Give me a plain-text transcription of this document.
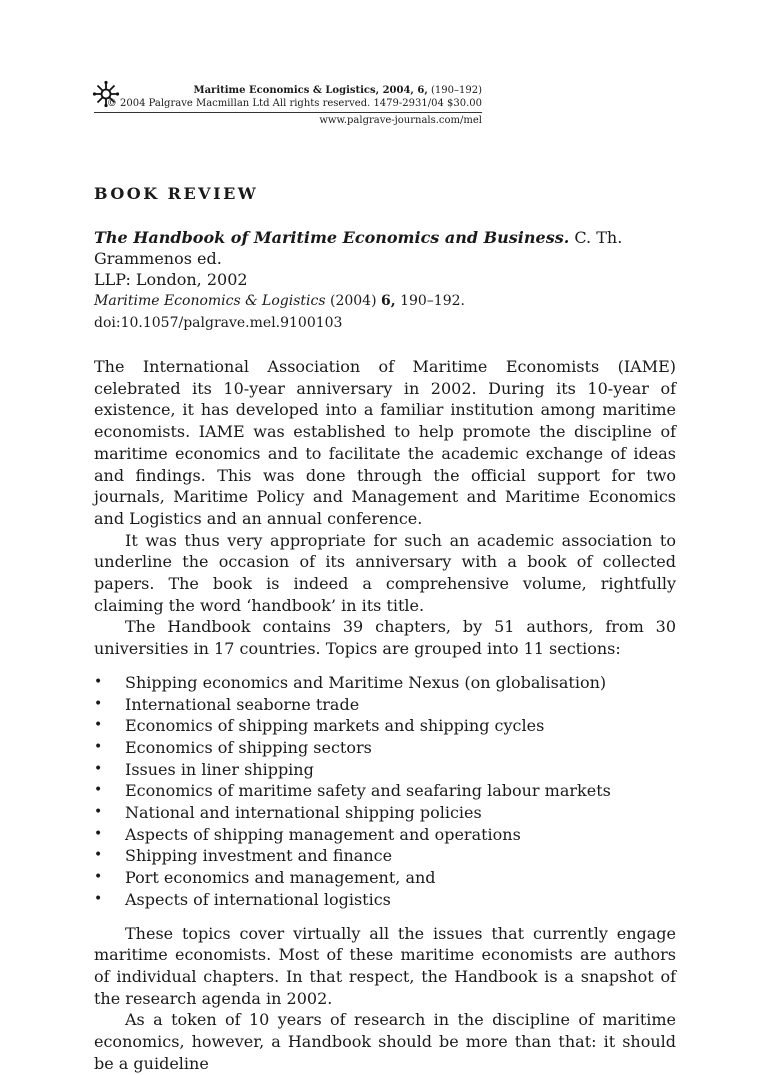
Maritime Economics & Logistics, 2004, 6, (190–192)
© 2004 Palgrave Macmillan Ltd All rights reserved. 1479-2931/04 $30.00
www.palgrave-journals.com/mel
BOOK REVIEW
The Handbook of Maritime Economics and Business. C. Th. Grammenos ed.
LLP: London, 2002
Maritime Economics & Logistics (2004) 6, 190–192.
doi:10.1057/palgrave.mel.9100103

The International Association of Maritime Economists (IAME) celebrated its 10-year anniversary in 2002. During its 10-year of existence, it has developed into a familiar institution among maritime economists. IAME was established to help promote the discipline of maritime economics and to facilitate the academic exchange of ideas and findings. This was done through the official support for two journals, Maritime Policy and Management and Maritime Economics and Logistics and an annual conference.

It was thus very appropriate for such an academic association to underline the occasion of its anniversary with a book of collected papers. The book is indeed a comprehensive volume, rightfully claiming the word ‘handbook’ in its title.

The Handbook contains 39 chapters, by 51 authors, from 30 universities in 17 countries. Topics are grouped into 11 sections:

• Shipping economics and Maritime Nexus (on globalisation)
• International seaborne trade
• Economics of shipping markets and shipping cycles
• Economics of shipping sectors
• Issues in liner shipping
• Economics of maritime safety and seafaring labour markets
• National and international shipping policies
• Aspects of shipping management and operations
• Shipping investment and finance
• Port economics and management, and
• Aspects of international logistics

These topics cover virtually all the issues that currently engage maritime economists. Most of these maritime economists are authors of individual chapters. In that respect, the Handbook is a snapshot of the research agenda in 2002.

As a token of 10 years of research in the discipline of maritime economics, however, a Handbook should be more than that: it should be a guideline
